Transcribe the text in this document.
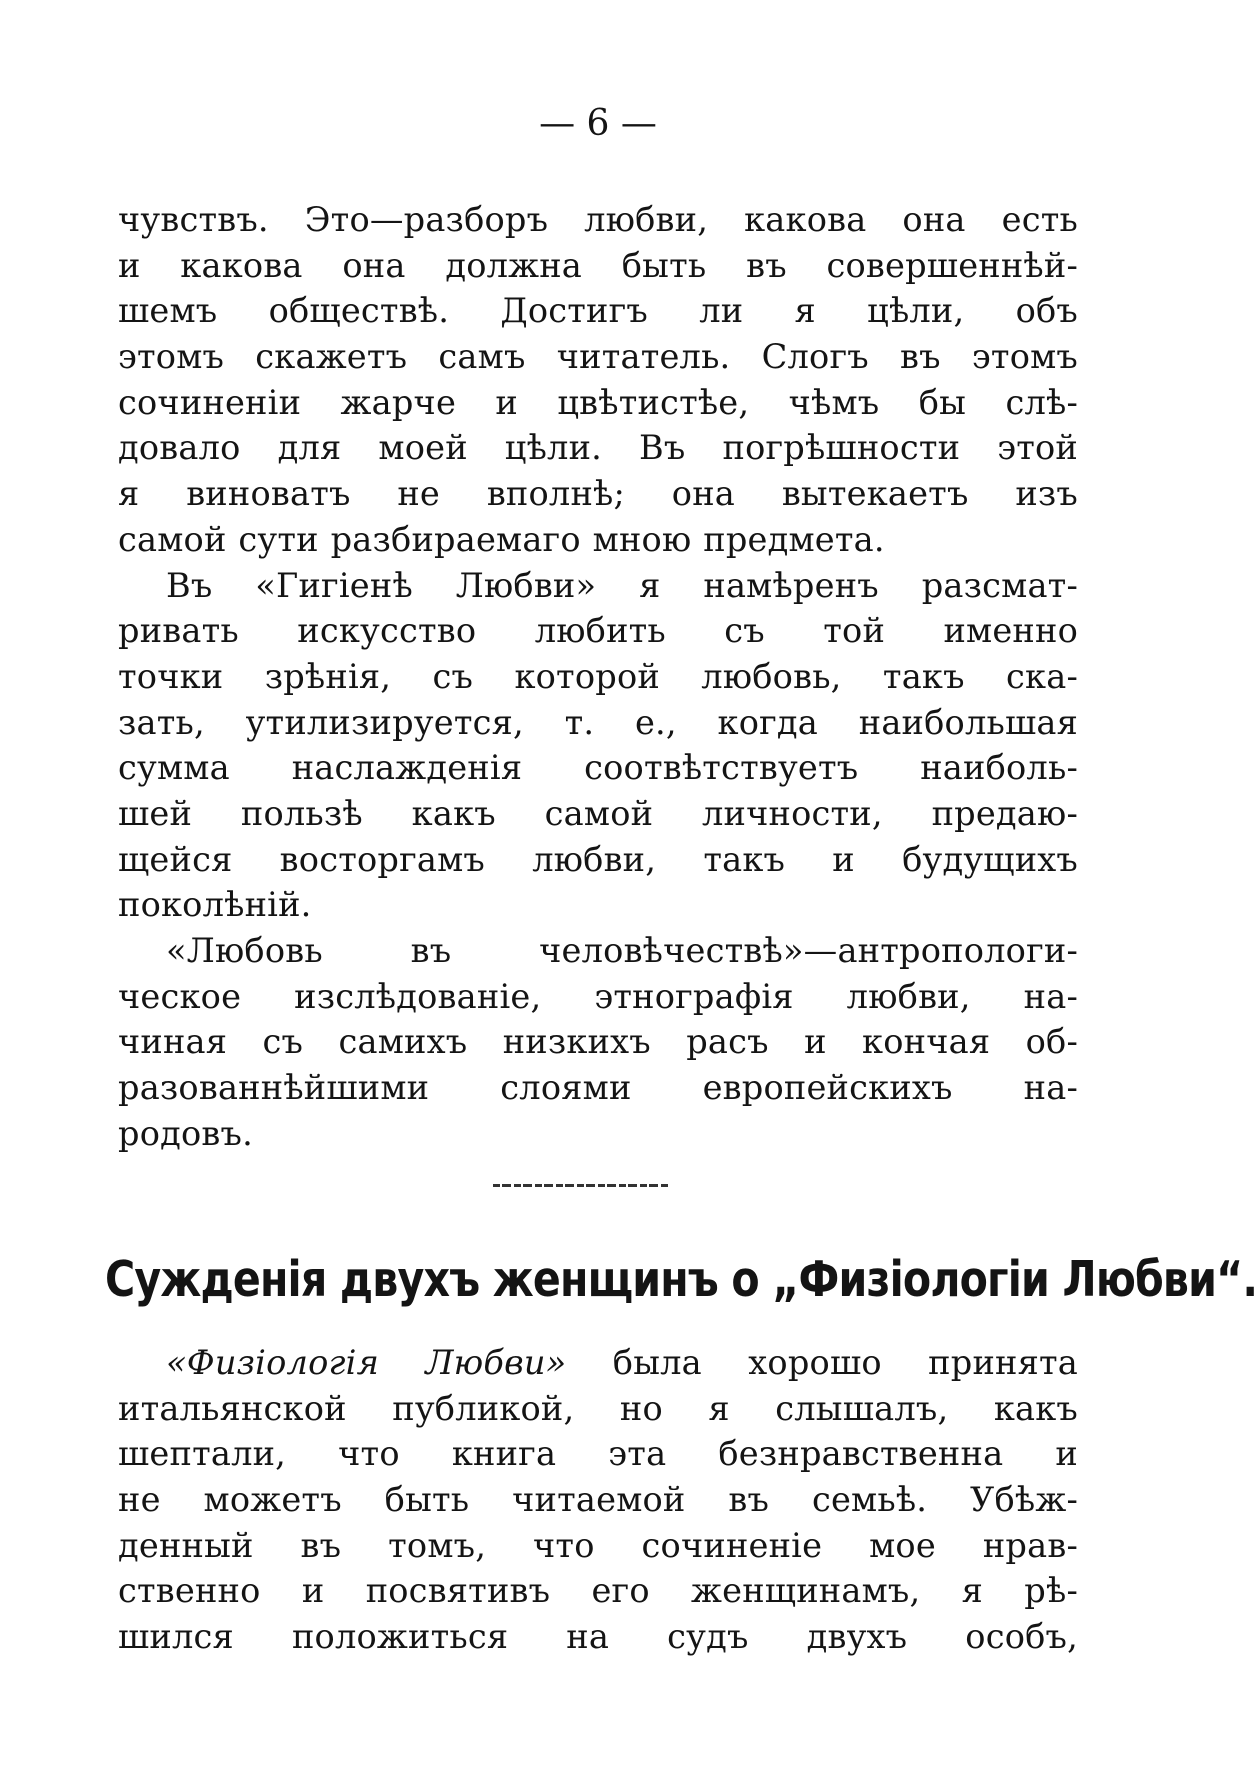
— 6 —

чувствъ. Это—разборъ любви, какова она есть
и какова она должна быть въ совершеннѣй-
шемъ обществѣ. Достигъ ли я цѣли, объ
этомъ скажетъ самъ читатель. Слогъ въ этомъ
сочиненіи жарче и цвѣтистѣе, чѣмъ бы слѣ-
довало для моей цѣли. Въ погрѣшности этой
я виноватъ не вполнѣ; она вытекаетъ изъ
самой сути разбираемаго мною предмета.
Въ «Гигіенѣ Любви» я намѣренъ разсмат-
ривать искусство любить съ той именно
точки зрѣнія, съ которой любовь, такъ ска-
зать, утилизируется, т. е., когда наибольшая
сумма наслажденія соотвѣтствуетъ наиболь-
шей пользѣ какъ самой личности, предаю-
щейся восторгамъ любви, такъ и будущихъ
поколѣній.
«Любовь въ человѣчествѣ»—антропологи-
ческое изслѣдованіе, этнографія любви, на-
чиная съ самихъ низкихъ расъ и кончая об-
разованнѣйшими слоями европейскихъ на-
родовъ.
Сужденія двухъ женщинъ о „Физіологіи Любви“.
«Физіологія Любви» была хорошо принята
итальянской публикой, но я слышалъ, какъ
шептали, что книга эта безнравственна и
не можетъ быть читаемой въ семьѣ. Убѣж-
денный въ томъ, что сочиненіе мое нрав-
ственно и посвятивъ его женщинамъ, я рѣ-
шился положиться на судъ двухъ особъ,
